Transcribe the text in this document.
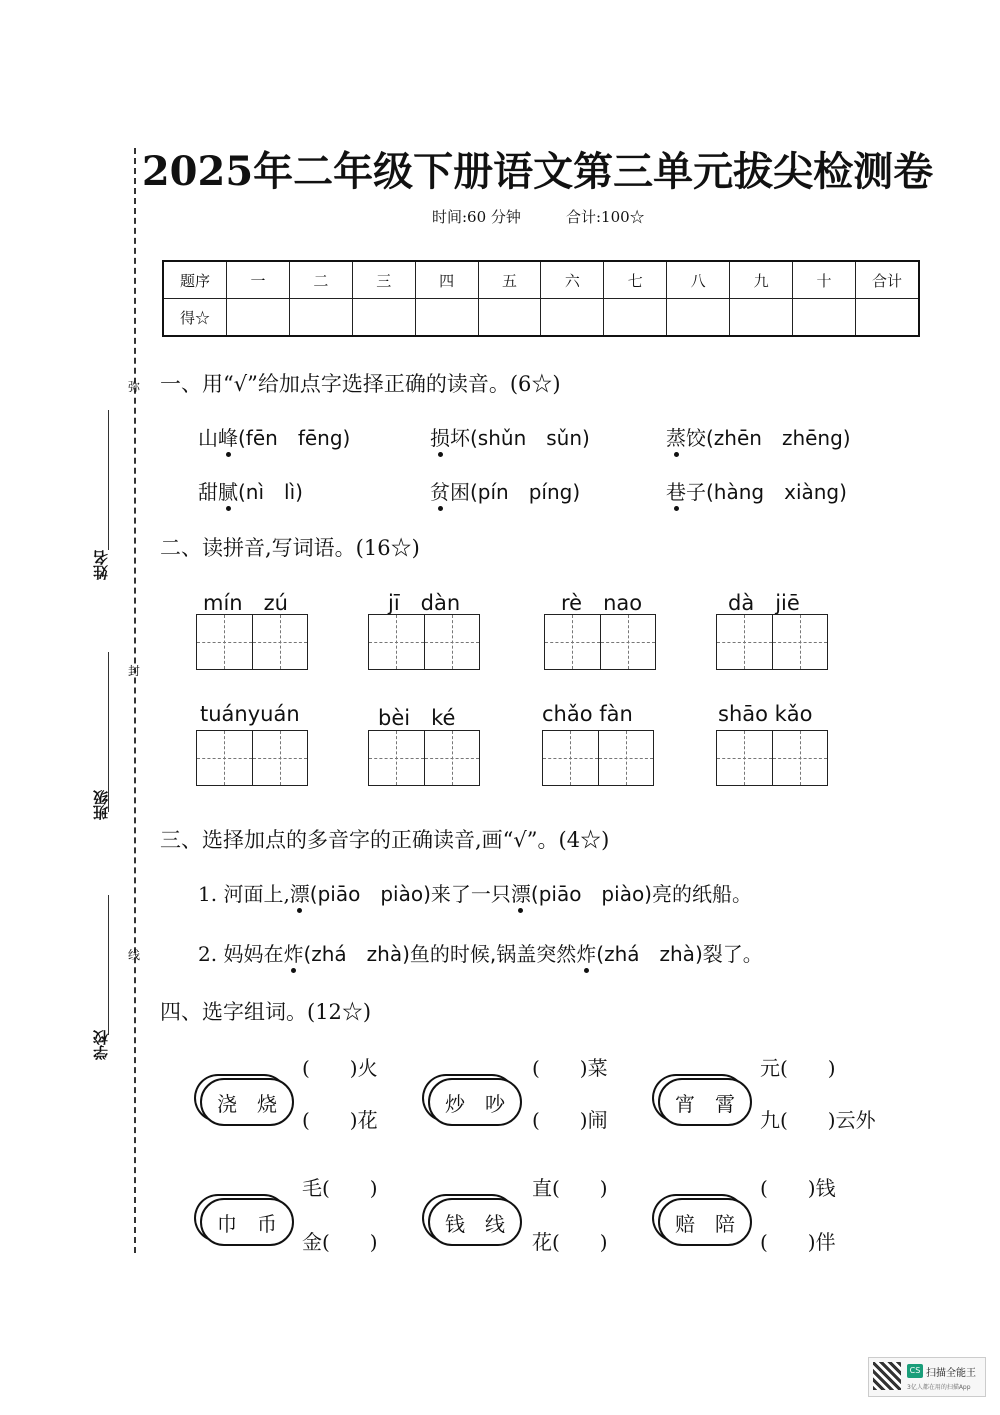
弥
封
线
姓名
班级
学校
2025年二年级下册语文第三单元拔尖检测卷
时间:60 分钟	合计:100☆
题序	一	二	三	四	五	六	七	八	九	十	合计
得☆											
一、用“√”给加点字选择正确的读音。(6☆)
山峰(fēn　fēng)	损坏(shǔn　sǔn)	蒸饺(zhēn　zhēng)
甜腻(nì　lì)	贫困(pín　píng)	巷子(hàng　xiàng)
二、读拼音,写词语。(16☆)
mín　zú	jī　dàn	rè　nao	dà　jiē
tuányuán	bèi　ké	chǎo fàn	shāo kǎo
三、选择加点的多音字的正确读音,画“√”。(4☆)
1. 河面上,漂(piāo　piào)来了一只漂(piāo　piào)亮的纸船。
2. 妈妈在炸(zhá　zhà)鱼的时候,锅盖突然炸(zhá　zhà)裂了。
四、选字组词。(12☆)
浇　烧
(　　)火
(　　)花
炒　吵
(　　)菜
(　　)闹
宵　霄
元(　　)
九(　　)云外
巾　币
毛(　　)
金(　　)
钱　线
直(　　)
花(　　)
赔　陪
(　　)钱
(　　)伴
CS 扫描全能王
3亿人都在用的扫描App
